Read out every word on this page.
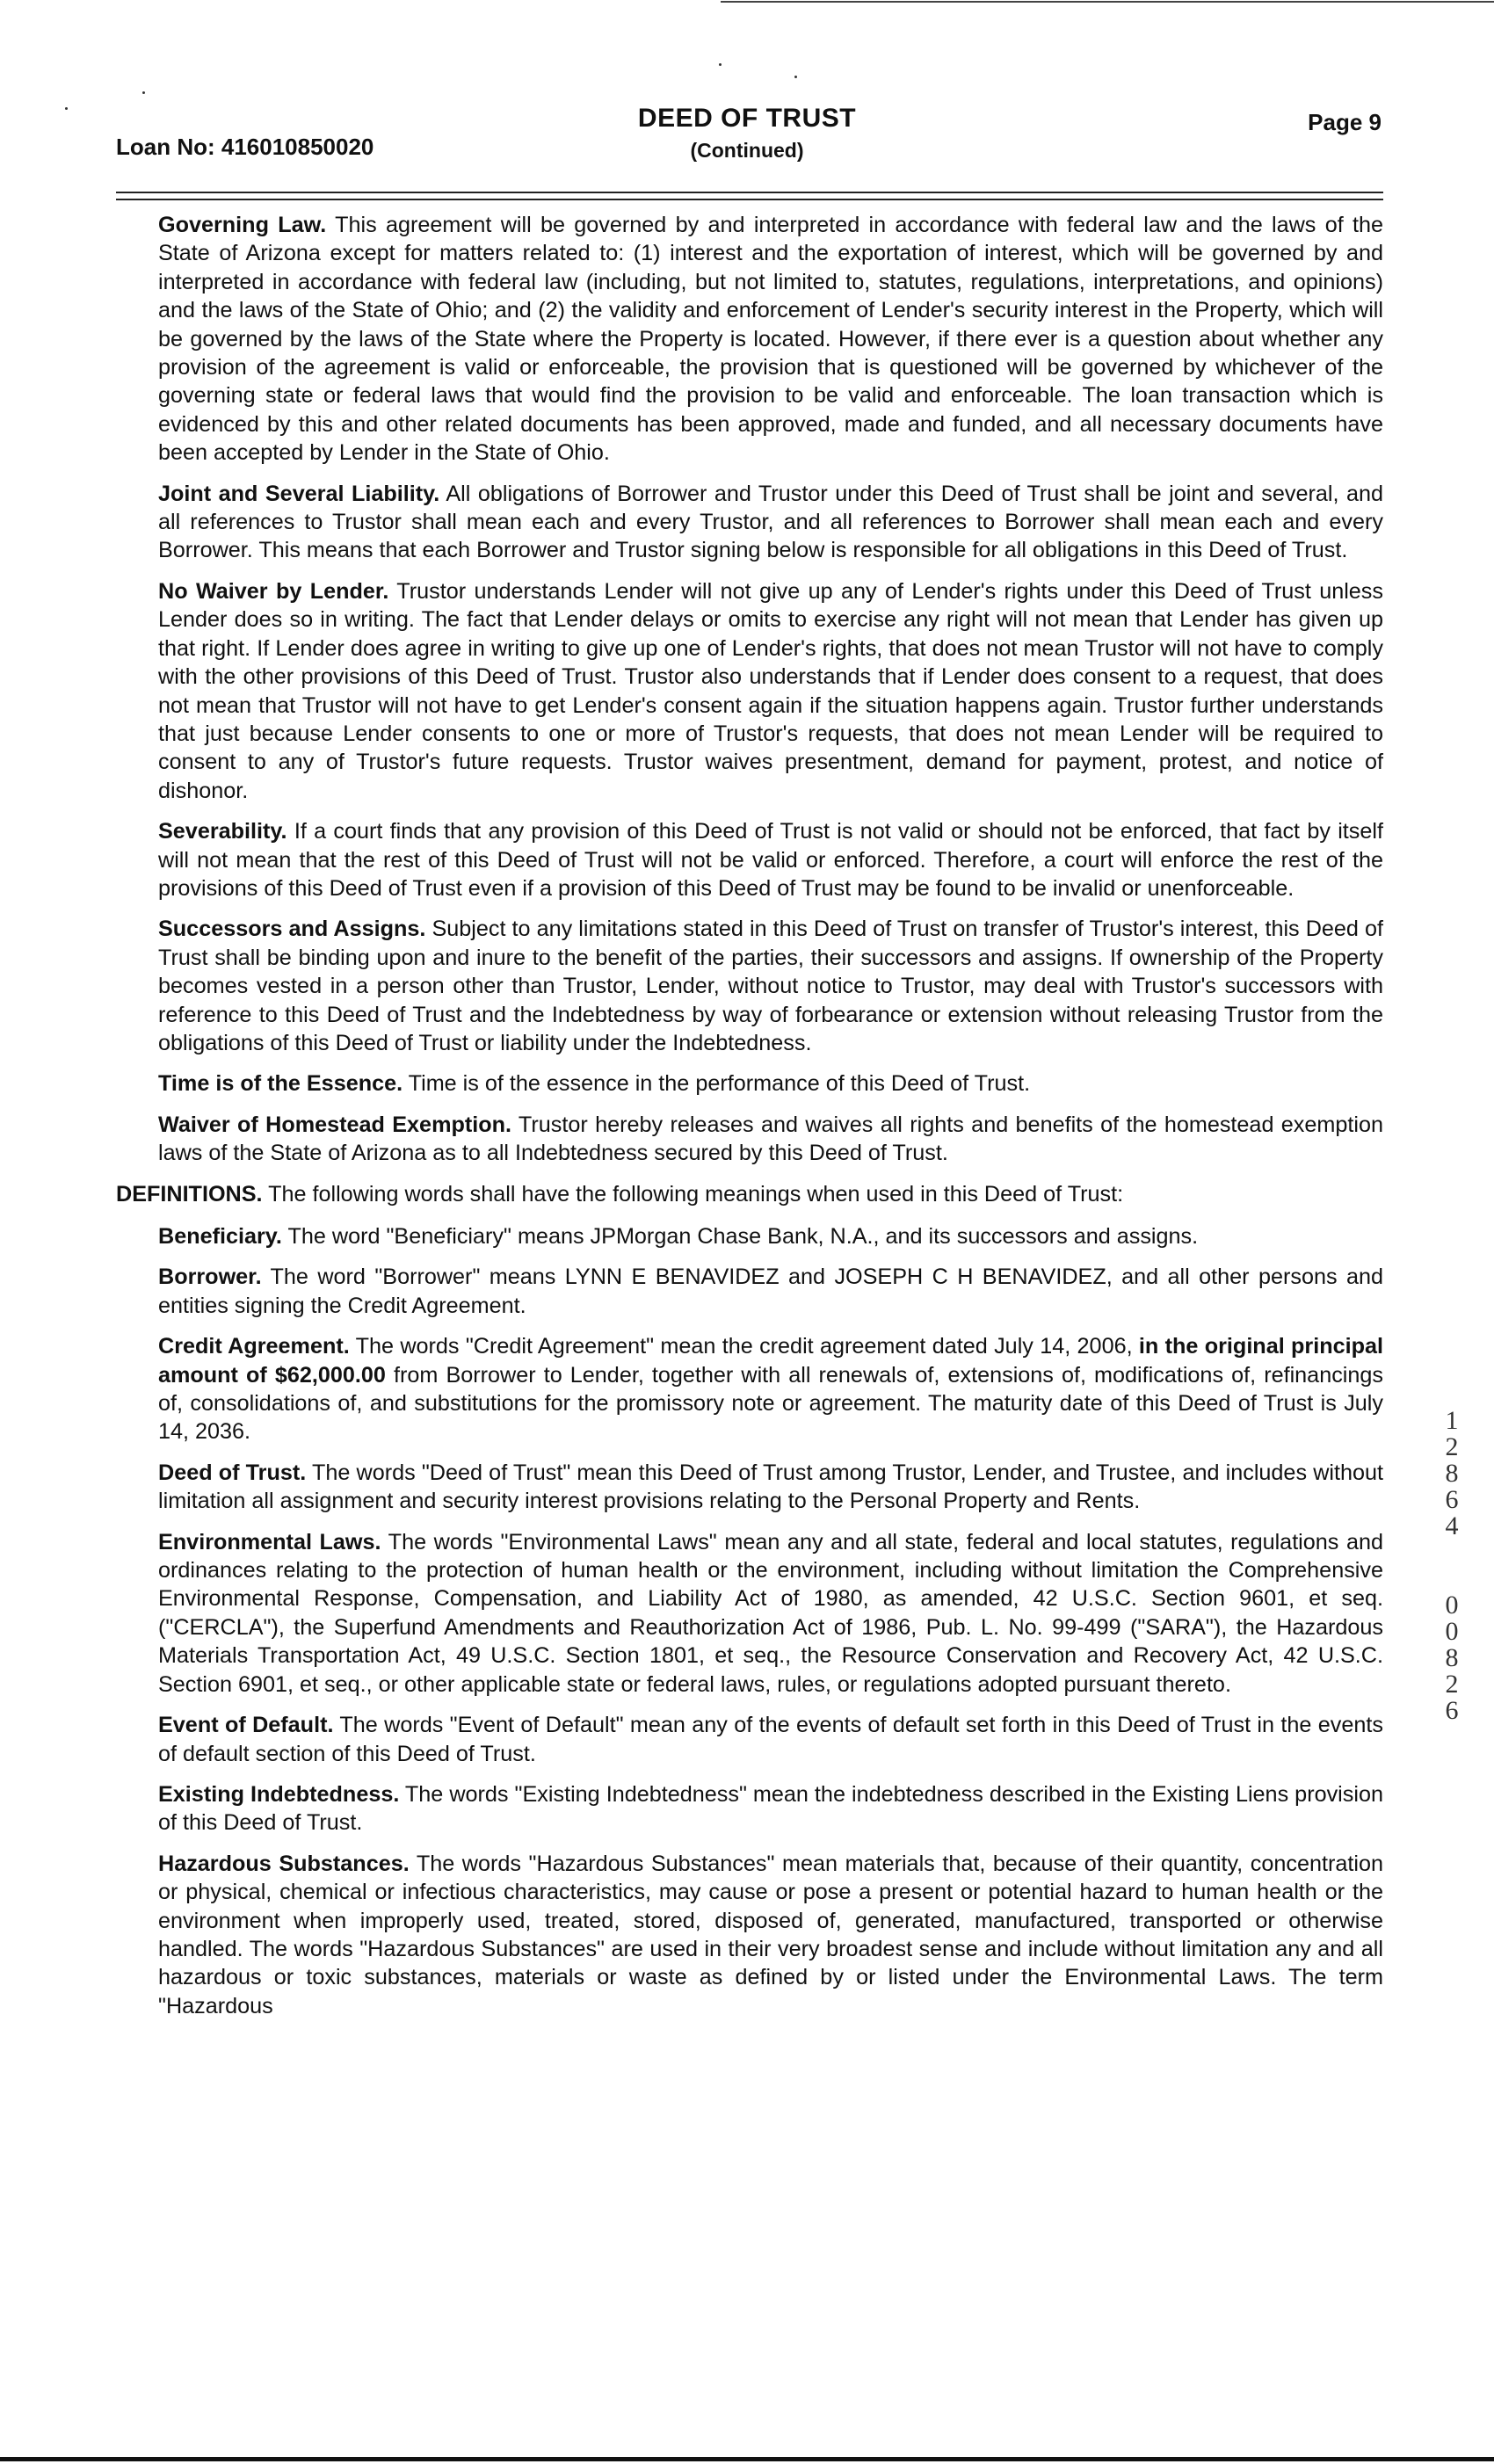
Loan No: 416010850020
DEED OF TRUST
(Continued)
Page 9

Governing Law. This agreement will be governed by and interpreted in accordance with federal law and the laws of the State of Arizona except for matters related to: (1) interest and the exportation of interest, which will be governed by and interpreted in accordance with federal law (including, but not limited to, statutes, regulations, interpretations, and opinions) and the laws of the State of Ohio; and (2) the validity and enforcement of Lender's security interest in the Property, which will be governed by the laws of the State where the Property is located. However, if there ever is a question about whether any provision of the agreement is valid or enforceable, the provision that is questioned will be governed by whichever of the governing state or federal laws that would find the provision to be valid and enforceable. The loan transaction which is evidenced by this and other related documents has been approved, made and funded, and all necessary documents have been accepted by Lender in the State of Ohio.

Joint and Several Liability. All obligations of Borrower and Trustor under this Deed of Trust shall be joint and several, and all references to Trustor shall mean each and every Trustor, and all references to Borrower shall mean each and every Borrower. This means that each Borrower and Trustor signing below is responsible for all obligations in this Deed of Trust.

No Waiver by Lender. Trustor understands Lender will not give up any of Lender's rights under this Deed of Trust unless Lender does so in writing. The fact that Lender delays or omits to exercise any right will not mean that Lender has given up that right. If Lender does agree in writing to give up one of Lender's rights, that does not mean Trustor will not have to comply with the other provisions of this Deed of Trust. Trustor also understands that if Lender does consent to a request, that does not mean that Trustor will not have to get Lender's consent again if the situation happens again. Trustor further understands that just because Lender consents to one or more of Trustor's requests, that does not mean Lender will be required to consent to any of Trustor's future requests. Trustor waives presentment, demand for payment, protest, and notice of dishonor.

Severability. If a court finds that any provision of this Deed of Trust is not valid or should not be enforced, that fact by itself will not mean that the rest of this Deed of Trust will not be valid or enforced. Therefore, a court will enforce the rest of the provisions of this Deed of Trust even if a provision of this Deed of Trust may be found to be invalid or unenforceable.

Successors and Assigns. Subject to any limitations stated in this Deed of Trust on transfer of Trustor's interest, this Deed of Trust shall be binding upon and inure to the benefit of the parties, their successors and assigns. If ownership of the Property becomes vested in a person other than Trustor, Lender, without notice to Trustor, may deal with Trustor's successors with reference to this Deed of Trust and the Indebtedness by way of forbearance or extension without releasing Trustor from the obligations of this Deed of Trust or liability under the Indebtedness.

Time is of the Essence. Time is of the essence in the performance of this Deed of Trust.

Waiver of Homestead Exemption. Trustor hereby releases and waives all rights and benefits of the homestead exemption laws of the State of Arizona as to all Indebtedness secured by this Deed of Trust.

DEFINITIONS. The following words shall have the following meanings when used in this Deed of Trust:

Beneficiary. The word "Beneficiary" means JPMorgan Chase Bank, N.A., and its successors and assigns.

Borrower. The word "Borrower" means LYNN E BENAVIDEZ and JOSEPH C H BENAVIDEZ, and all other persons and entities signing the Credit Agreement.

Credit Agreement. The words "Credit Agreement" mean the credit agreement dated July 14, 2006, in the original principal amount of $62,000.00 from Borrower to Lender, together with all renewals of, extensions of, modifications of, refinancings of, consolidations of, and substitutions for the promissory note or agreement. The maturity date of this Deed of Trust is July 14, 2036.

Deed of Trust. The words "Deed of Trust" mean this Deed of Trust among Trustor, Lender, and Trustee, and includes without limitation all assignment and security interest provisions relating to the Personal Property and Rents.

Environmental Laws. The words "Environmental Laws" mean any and all state, federal and local statutes, regulations and ordinances relating to the protection of human health or the environment, including without limitation the Comprehensive Environmental Response, Compensation, and Liability Act of 1980, as amended, 42 U.S.C. Section 9601, et seq. ("CERCLA"), the Superfund Amendments and Reauthorization Act of 1986, Pub. L. No. 99-499 ("SARA"), the Hazardous Materials Transportation Act, 49 U.S.C. Section 1801, et seq., the Resource Conservation and Recovery Act, 42 U.S.C. Section 6901, et seq., or other applicable state or federal laws, rules, or regulations adopted pursuant thereto.

Event of Default. The words "Event of Default" mean any of the events of default set forth in this Deed of Trust in the events of default section of this Deed of Trust.

Existing Indebtedness. The words "Existing Indebtedness" mean the indebtedness described in the Existing Liens provision of this Deed of Trust.

Hazardous Substances. The words "Hazardous Substances" mean materials that, because of their quantity, concentration or physical, chemical or infectious characteristics, may cause or pose a present or potential hazard to human health or the environment when improperly used, treated, stored, disposed of, generated, manufactured, transported or otherwise handled. The words "Hazardous Substances" are used in their very broadest sense and include without limitation any and all hazardous or toxic substances, materials or waste as defined by or listed under the Environmental Laws. The term "Hazardous

1
2
8
6
4
0
0
8
2
6
